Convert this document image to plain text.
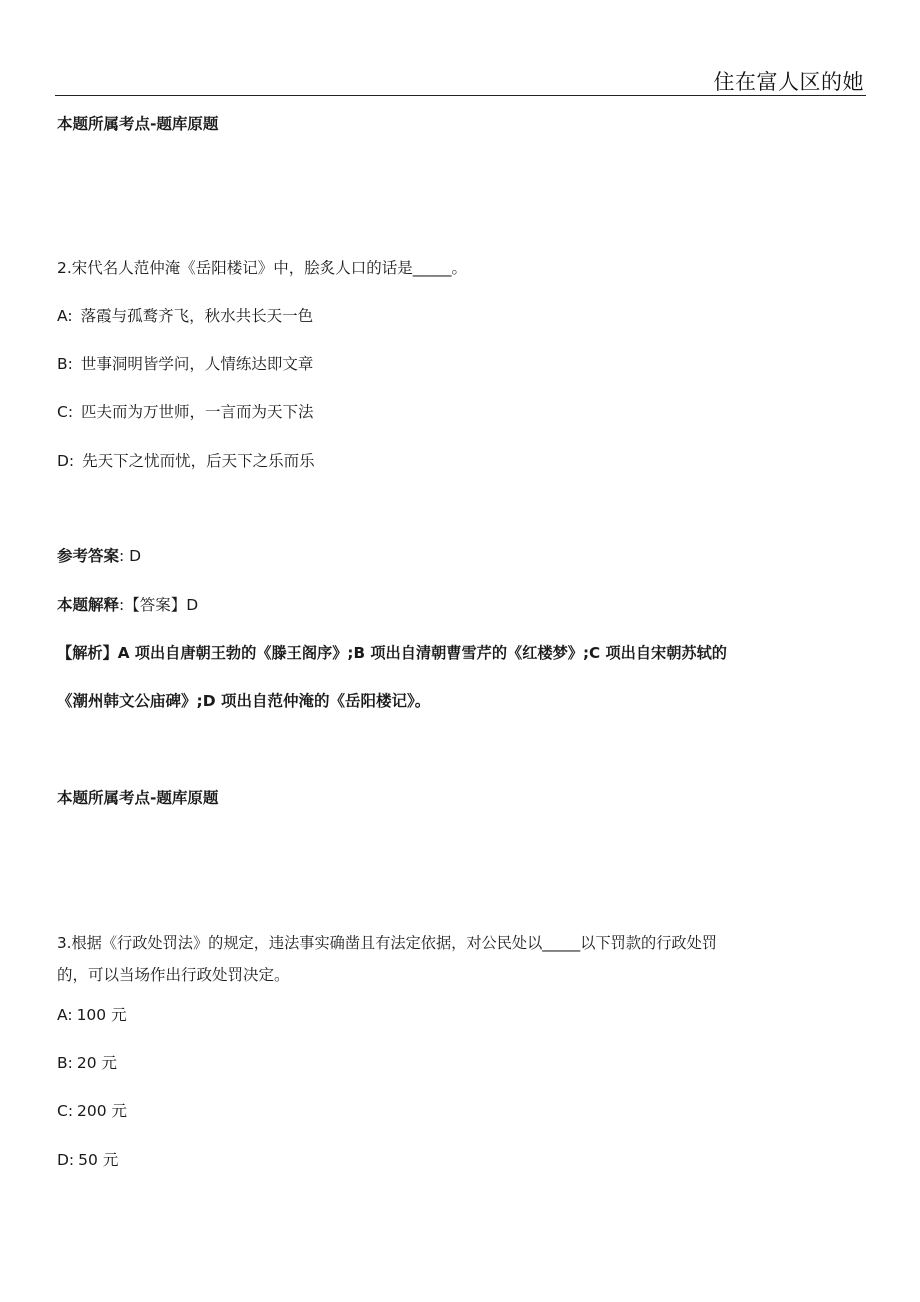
住在富人区的她
本题所属考点-题库原题
2.宋代名人范仲淹《岳阳楼记》中，脍炙人口的话是_____。
A: 落霞与孤鹜齐飞，秋水共长天一色
B: 世事洞明皆学问，人情练达即文章
C: 匹夫而为万世师，一言而为天下法
D: 先天下之忧而忧，后天下之乐而乐
参考答案: D
本题解释:【答案】D
【解析】A 项出自唐朝王勃的《滕王阁序》;B 项出自清朝曹雪芹的《红楼梦》;C 项出自宋朝苏轼的
《潮州韩文公庙碑》;D 项出自范仲淹的《岳阳楼记》。
本题所属考点-题库原题
3.根据《行政处罚法》的规定，违法事实确凿且有法定依据，对公民处以_____以下罚款的行政处罚
的，可以当场作出行政处罚决定。
A: 100 元
B: 20 元
C: 200 元
D: 50 元
